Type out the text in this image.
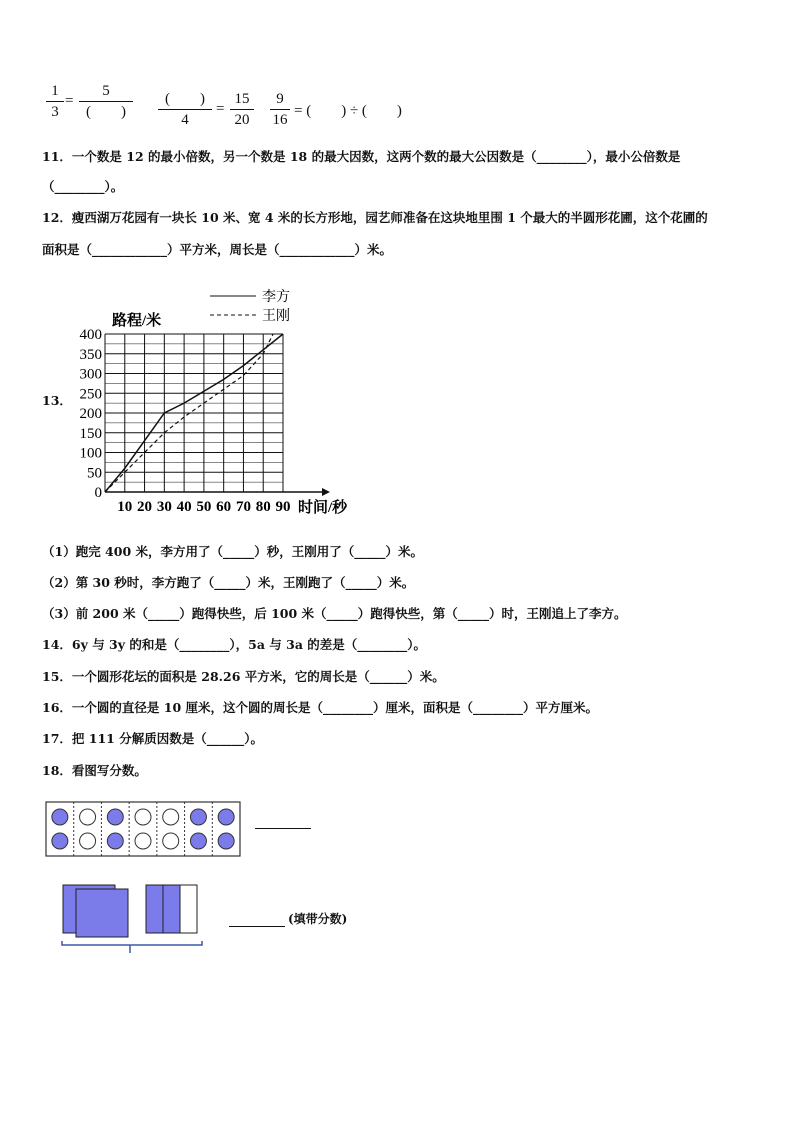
1
3
=
5
(　　)
(　　)
4
=
15
20
9
16
= (　　) ÷ (　　)
11．一个数是 12 的最小倍数，另一个数是 18 的最大因数，这两个数的最大公因数是（________），最小公倍数是
（________）。
12．瘦西湖万花园有一块长 10 米、宽 4 米的长方形地，园艺师准备在这块地里围 1 个最大的半圆形花圃，这个花圃的
面积是（____________）平方米，周长是（____________）米。
13．
400
350
300
250
200
150
100
50
0
10 20 30 40 50 60 70 80 90
路程/米
时间/秒
李方
王刚
（1）跑完 400 米，李方用了（_____）秒，王刚用了（_____）米。
（2）第 30 秒时，李方跑了（_____）米，王刚跑了（_____）米。
（3）前 200 米（_____）跑得快些，后 100 米（_____）跑得快些，第（_____）时，王刚追上了李方。
14．6y 与 3y 的和是（________），5a 与 3a 的差是（________）。
15．一个圆形花坛的面积是 28.26 平方米，它的周长是（______）米。
16．一个圆的直径是 10 厘米，这个圆的周长是（________）厘米，面积是（________）平方厘米。
17．把 111 分解质因数是（______）。
18．看图写分数。
(填带分数)
